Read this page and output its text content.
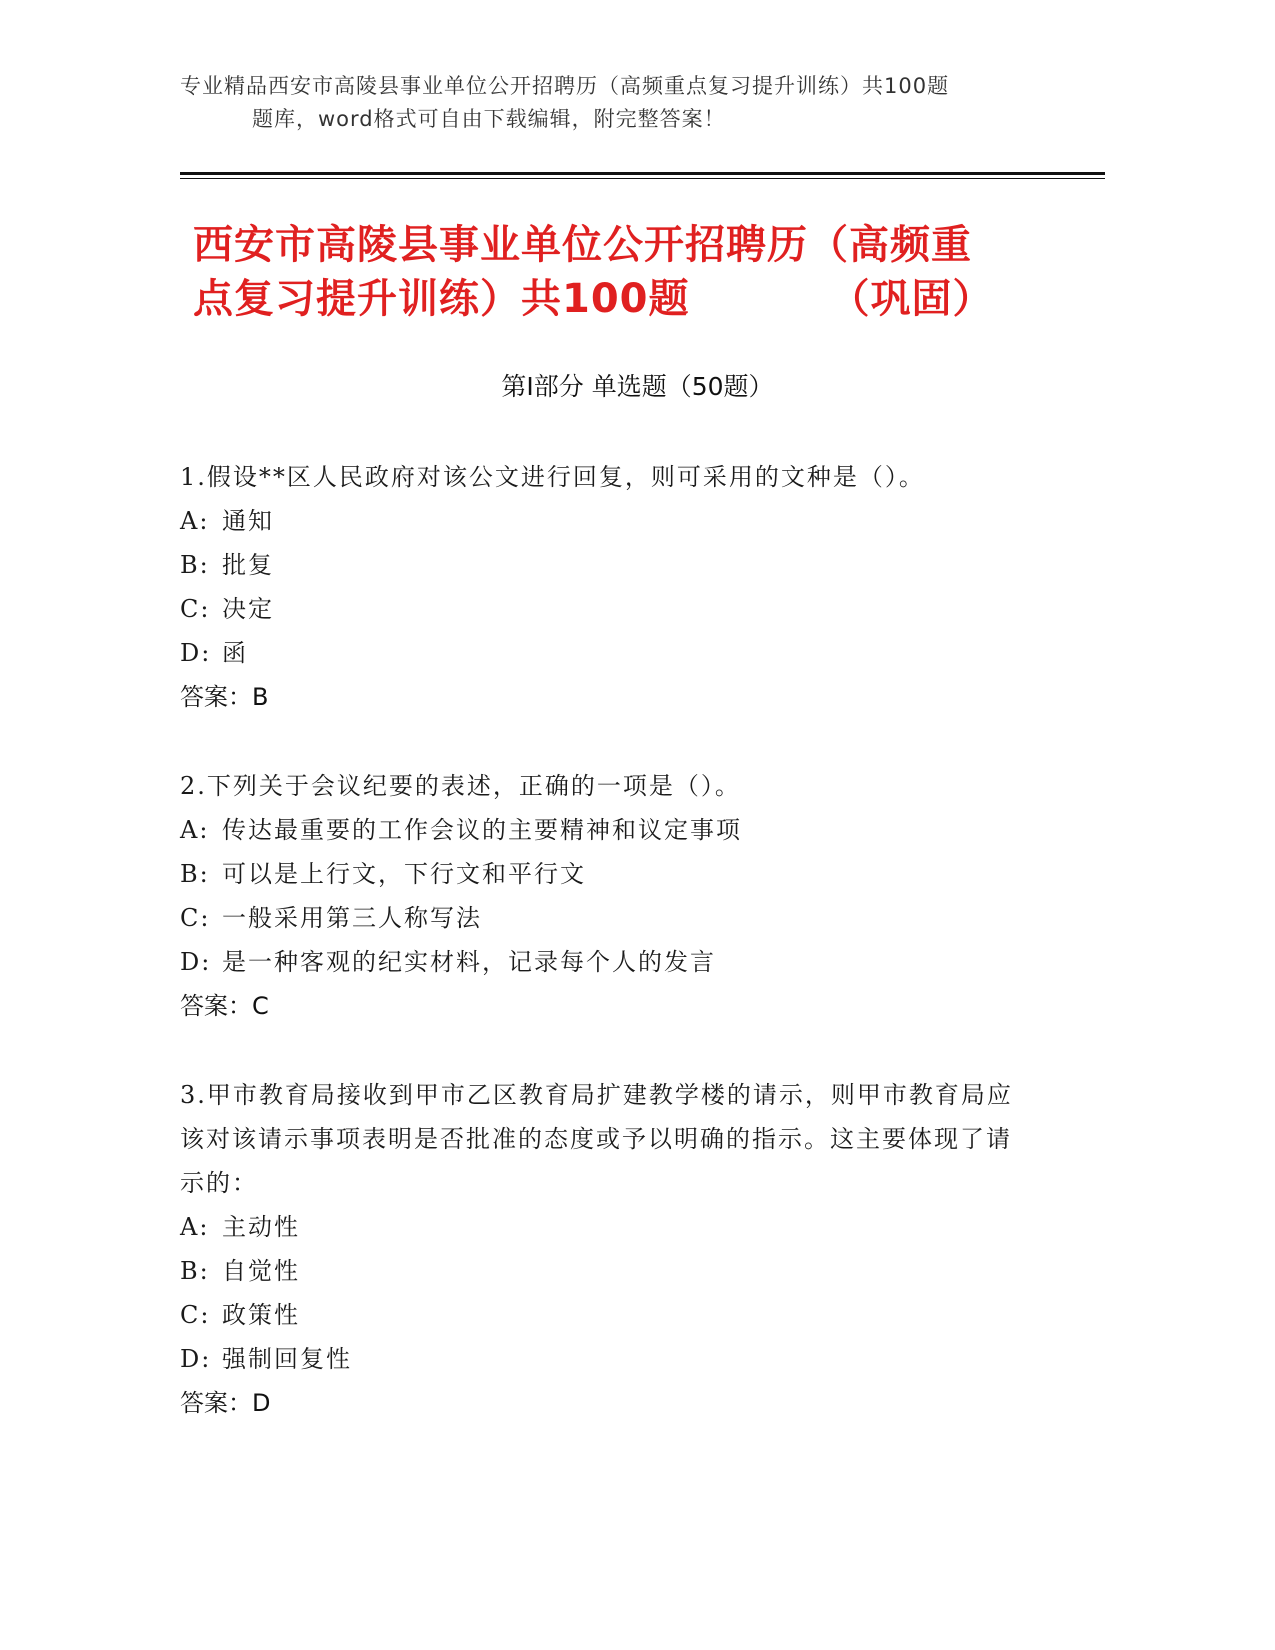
专业精品西安市高陵县事业单位公开招聘历（高频重点复习提升训练）共100题
题库，word格式可自由下载编辑，附完整答案！
西安市高陵县事业单位公开招聘历（高频重
点复习提升训练）共100题	（巩固）
第Ⅰ部分 单选题（50题）
1.假设**区人民政府对该公文进行回复，则可采用的文种是（）。
A: 通知
B: 批复
C: 决定
D: 函
答案：B
2.下列关于会议纪要的表述，正确的一项是（）。
A: 传达最重要的工作会议的主要精神和议定事项
B: 可以是上行文，下行文和平行文
C: 一般采用第三人称写法
D: 是一种客观的纪实材料，记录每个人的发言
答案：C
3.甲市教育局接收到甲市乙区教育局扩建教学楼的请示，则甲市教育局应该对该请示事项表明是否批准的态度或予以明确的指示。这主要体现了请示的：
A: 主动性
B: 自觉性
C: 政策性
D: 强制回复性
答案：D
